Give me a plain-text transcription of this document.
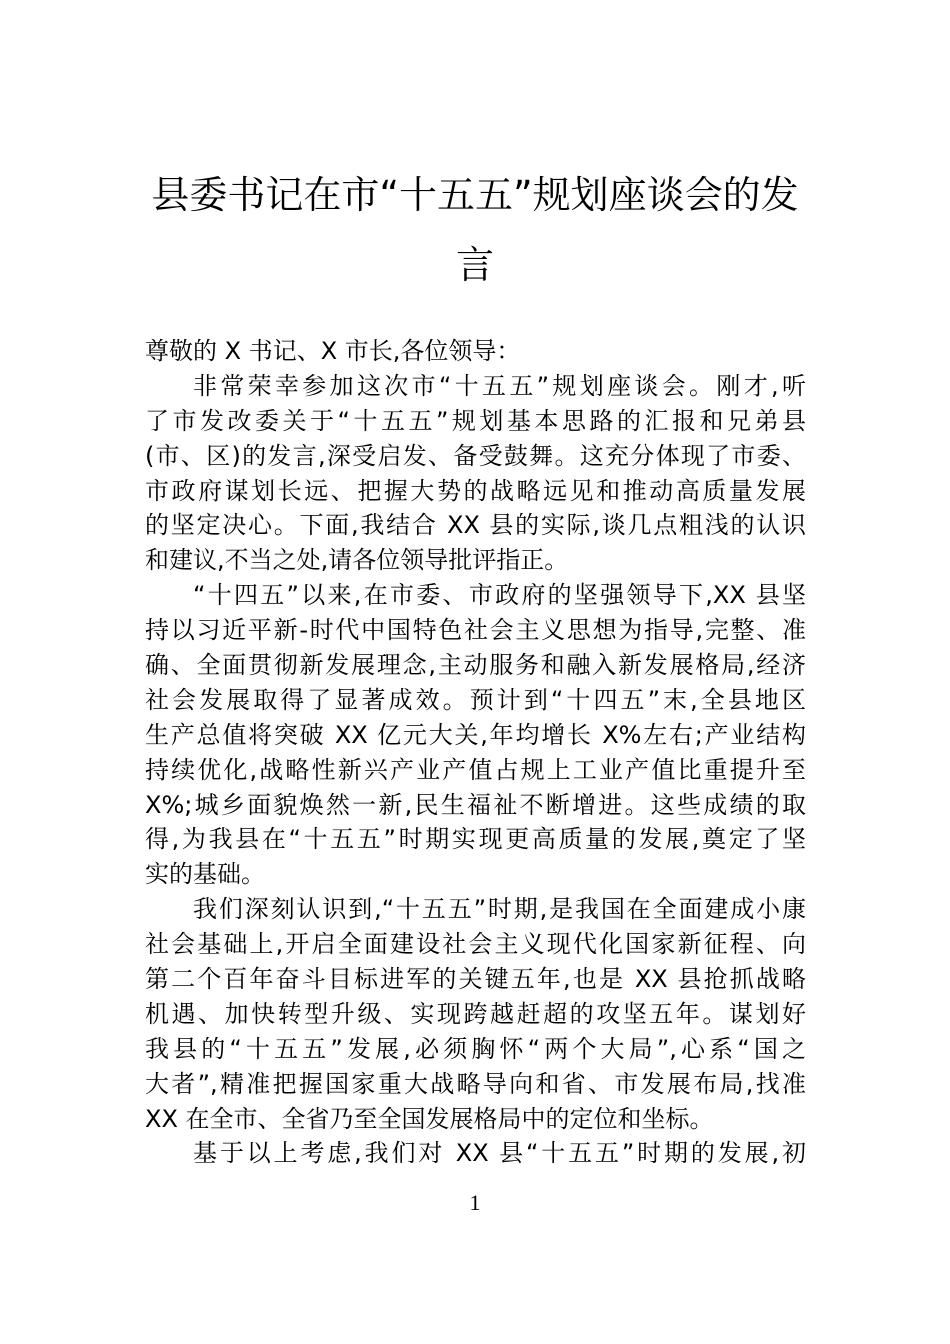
县委书记在市“十五五”规划座谈会的发
言
尊敬的 X 书记、X 市长,各位领导：
非常荣幸参加这次市“十五五”规划座谈会。刚才,听
了市发改委关于“十五五”规划基本思路的汇报和兄弟县
(市、区)的发言,深受启发、备受鼓舞。这充分体现了市委、
市政府谋划长远、把握大势的战略远见和推动高质量发展
的坚定决心。下面,我结合 XX 县的实际,谈几点粗浅的认识
和建议,不当之处,请各位领导批评指正。
“十四五”以来,在市委、市政府的坚强领导下,XX 县坚
持以习近平新-时代中国特色社会主义思想为指导,完整、准
确、全面贯彻新发展理念,主动服务和融入新发展格局,经济
社会发展取得了显著成效。预计到“十四五”末,全县地区
生产总值将突破 XX 亿元大关,年均增长 X%左右;产业结构
持续优化,战略性新兴产业产值占规上工业产值比重提升至
X%;城乡面貌焕然一新,民生福祉不断增进。这些成绩的取
得,为我县在“十五五”时期实现更高质量的发展,奠定了坚
实的基础。
我们深刻认识到,“十五五”时期,是我国在全面建成小康
社会基础上,开启全面建设社会主义现代化国家新征程、向
第二个百年奋斗目标进军的关键五年,也是 XX 县抢抓战略
机遇、加快转型升级、实现跨越赶超的攻坚五年。谋划好
我县的“十五五”发展,必须胸怀“两个大局”,心系“国之
大者”,精准把握国家重大战略导向和省、市发展布局,找准
XX 在全市、全省乃至全国发展格局中的定位和坐标。
基于以上考虑,我们对 XX 县“十五五”时期的发展,初
1
